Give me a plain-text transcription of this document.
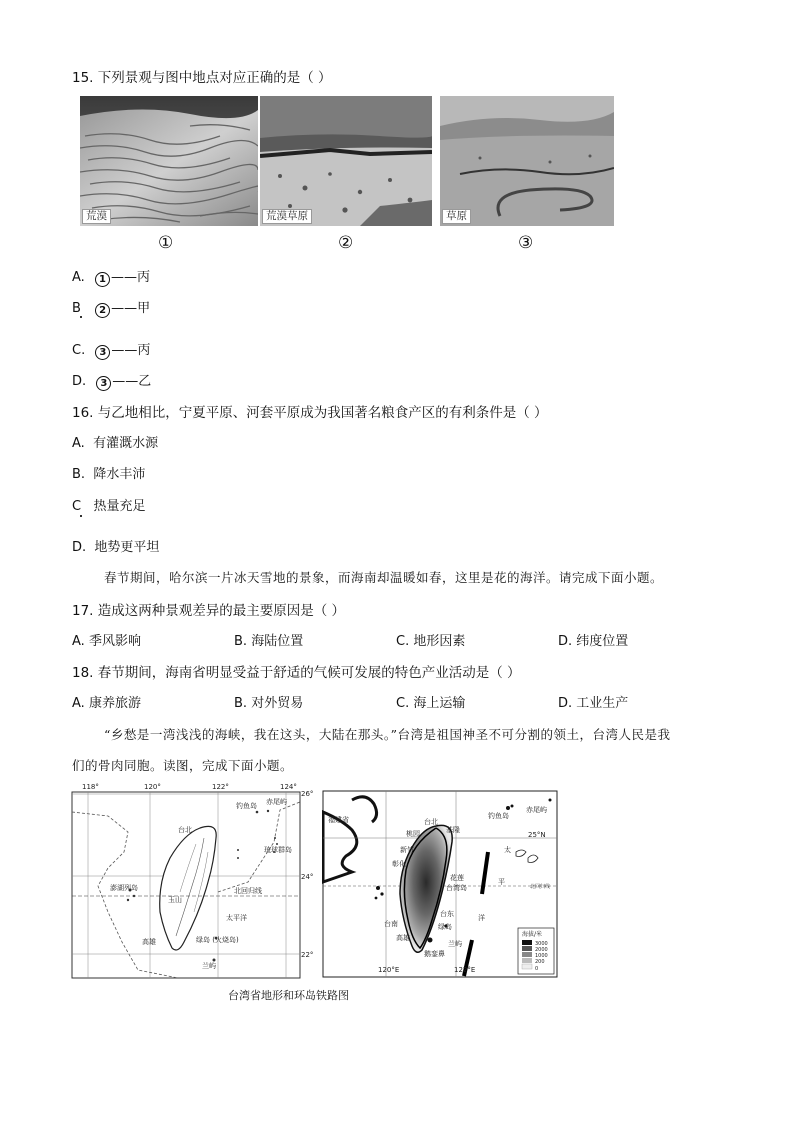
15. 下列景观与图中地点对应正确的是（ ）
荒漠	荒漠草原	草原
①	②	③
A. 1 ——丙
B 2 ——甲
C. 3 ——丙
D. 3 ——乙
16. 与乙地相比，宁夏平原、河套平原成为我国著名粮食产区的有利条件是（ ）
A. 有灌溉水源
B. 降水丰沛
C 热量充足
D. 地势更平坦
春节期间，哈尔滨一片冰天雪地的景象，而海南却温暖如春，这里是花的海洋。请完成下面小题。
17. 造成这两种景观差异的最主要原因是（ ）
A. 季风影响	B. 海陆位置	C. 地形因素	D. 纬度位置
18. 春节期间，海南省明显受益于舒适的气候可发展的特色产业活动是（ ）
A. 康养旅游	B. 对外贸易	C. 海上运输	D. 工业生产
“乡愁是一湾浅浅的海峡，我在这头，大陆在那头。”台湾是祖国神圣不可分割的领土，台湾人民是我
们的骨肉同胞。读图，完成下面小题。
118°	120°	122°	124°
26°
24°
22°
钓鱼岛 赤尾屿
台北
琉球群岛
澎湖列岛
玉山
北回归线
太平洋
高雄	绿岛 (火烧岛)
兰屿
福建省	台北
基隆
桃园
钓鱼岛
赤尾屿
25°N
新竹	太
彰化
花莲	平
台湾岛	北回归线
台东	洋
台南	绿岛
高雄
兰屿
鹅銮鼻
120°E	122°E
海拔/米
3000
2000
1000
200
0
台湾省地形和环岛铁路图
